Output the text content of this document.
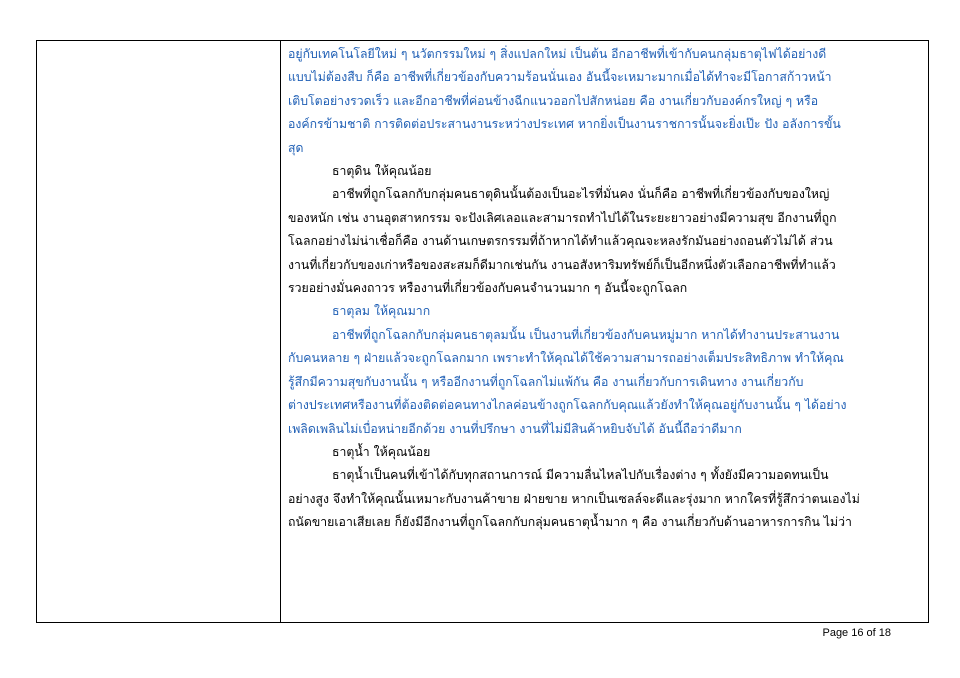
อยู่กับเทคโนโลยีใหม่ ๆ นวัตกรรมใหม่ ๆ สิ่งแปลกใหม่ เป็นต้น อีกอาชีพที่เข้ากับคนกลุ่มธาตุไฟได้อย่างดี
แบบไม่ต้องสืบ ก็คือ อาชีพที่เกี่ยวข้องกับความร้อนนั่นเอง อันนี้จะเหมาะมากเมื่อได้ทำจะมีโอกาสก้าวหน้า
เติบโตอย่างรวดเร็ว และอีกอาชีพที่ค่อนข้างฉีกแนวออกไปสักหน่อย คือ งานเกี่ยวกับองค์กรใหญ่ ๆ หรือ
องค์กรข้ามชาติ การติดต่อประสานงานระหว่างประเทศ หากยิ่งเป็นงานราชการนั้นจะยิ่งเป๊ะ ปัง อลังการขั้น
สุด
ธาตุดิน ให้คุณน้อย
อาชีพที่ถูกโฉลกกับกลุ่มคนธาตุดินนั้นต้องเป็นอะไรที่มั่นคง นั่นก็คือ อาชีพที่เกี่ยวข้องกับของใหญ่
ของหนัก เช่น งานอุตสาหกรรม จะปังเลิศเลอและสามารถทำไปได้ในระยะยาวอย่างมีความสุข อีกงานที่ถูก
โฉลกอย่างไม่น่าเชื่อก็คือ งานด้านเกษตรกรรมที่ถ้าหากได้ทำแล้วคุณจะหลงรักมันอย่างถอนตัวไม่ได้ ส่วน
งานที่เกี่ยวกับของเก่าหรือของสะสมก็ดีมากเช่นกัน งานอสังหาริมทรัพย์ก็เป็นอีกหนึ่งตัวเลือกอาชีพที่ทำแล้ว
รวยอย่างมั่นคงถาวร หรืองานที่เกี่ยวข้องกับคนจำนวนมาก ๆ อันนี้จะถูกโฉลก
ธาตุลม ให้คุณมาก
อาชีพที่ถูกโฉลกกับกลุ่มคนธาตุลมนั้น เป็นงานที่เกี่ยวข้องกับคนหมู่มาก หากได้ทำงานประสานงาน
กับคนหลาย ๆ ฝ่ายแล้วจะถูกโฉลกมาก เพราะทำให้คุณได้ใช้ความสามารถอย่างเต็มประสิทธิภาพ ทำให้คุณ
รู้สึกมีความสุขกับงานนั้น ๆ หรืออีกงานที่ถูกโฉลกไม่แพ้กัน คือ งานเกี่ยวกับการเดินทาง งานเกี่ยวกับ
ต่างประเทศหรืองานที่ต้องติดต่อคนทางไกลค่อนข้างถูกโฉลกกับคุณแล้วยังทำให้คุณอยู่กับงานนั้น ๆ ได้อย่าง
เพลิดเพลินไม่เบื่อหน่ายอีกด้วย งานที่ปรึกษา งานที่ไม่มีสินค้าหยิบจับได้ อันนี้ถือว่าดีมาก
ธาตุน้ำ ให้คุณน้อย
ธาตุน้ำเป็นคนที่เข้าได้กับทุกสถานการณ์ มีความลื่นไหลไปกับเรื่องต่าง ๆ ทั้งยังมีความอดทนเป็น
อย่างสูง จึงทำให้คุณนั้นเหมาะกับงานค้าขาย ฝ่ายขาย หากเป็นเซลล์จะดีและรุ่งมาก หากใครที่รู้สึกว่าตนเองไม่
ถนัดขายเอาเสียเลย ก็ยังมีอีกงานที่ถูกโฉลกกับกลุ่มคนธาตุน้ำมาก ๆ คือ งานเกี่ยวกับด้านอาหารการกิน ไม่ว่า
Page 16 of 18
